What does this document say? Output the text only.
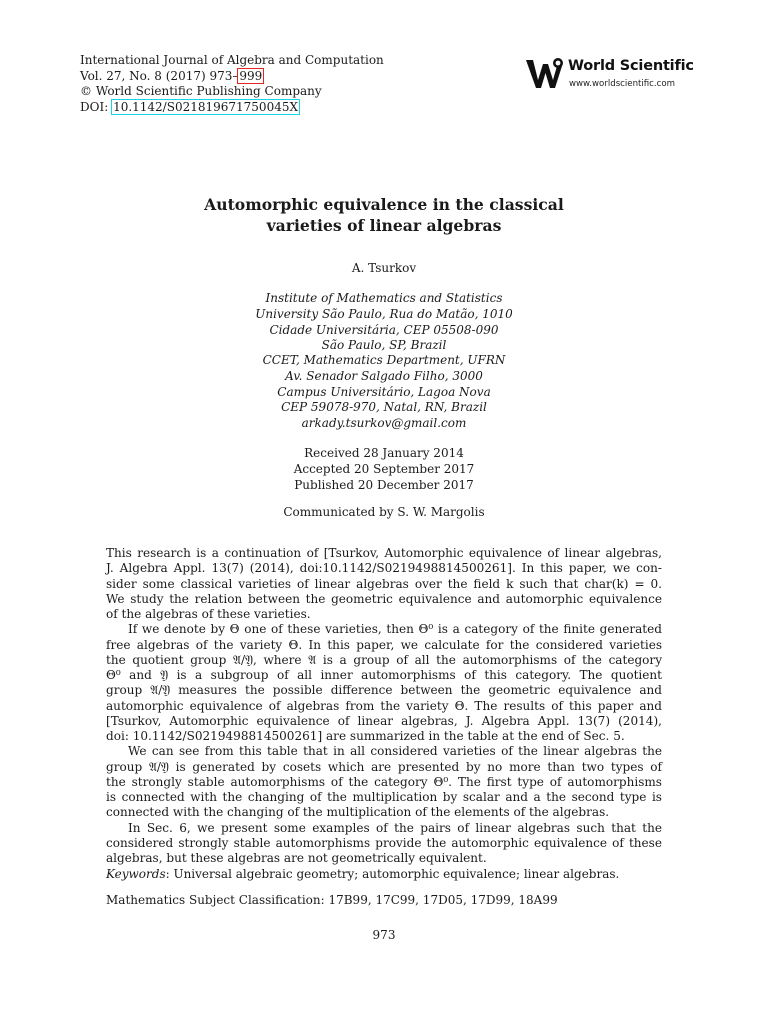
International Journal of Algebra and Computation
Vol. 27, No. 8 (2017) 973–999
© World Scientific Publishing Company
DOI: 10.1142/S021819671750045X
World Scientific
www.worldscientific.com
Automorphic equivalence in the classical
varieties of linear algebras
A. Tsurkov
Institute of Mathematics and Statistics
University São Paulo, Rua do Matão, 1010
Cidade Universitária, CEP 05508-090
São Paulo, SP, Brazil
CCET, Mathematics Department, UFRN
Av. Senador Salgado Filho, 3000
Campus Universitário, Lagoa Nova
CEP 59078-970, Natal, RN, Brazil
arkady.tsurkov@gmail.com
Received 28 January 2014
Accepted 20 September 2017
Published 20 December 2017
Communicated by S. W. Margolis

This research is a continuation of [Tsurkov, Automorphic equivalence of linear algebras,
J. Algebra Appl. 13(7) (2014), doi:10.1142/S0219498814500261]. In this paper, we con-
sider some classical varieties of linear algebras over the field k such that char(k) = 0.
We study the relation between the geometric equivalence and automorphic equivalence
of the algebras of these varieties.

If we denote by Θ one of these varieties, then Θ⁰ is a category of the finite generated
free algebras of the variety Θ. In this paper, we calculate for the considered varieties
the quotient group 𝔄/𝔜, where 𝔄 is a group of all the automorphisms of the category
Θ⁰ and 𝔜 is a subgroup of all inner automorphisms of this category. The quotient
group 𝔄/𝔜 measures the possible difference between the geometric equivalence and
automorphic equivalence of algebras from the variety Θ. The results of this paper and
[Tsurkov, Automorphic equivalence of linear algebras, J. Algebra Appl. 13(7) (2014),
doi: 10.1142/S0219498814500261] are summarized in the table at the end of Sec. 5.

We can see from this table that in all considered varieties of the linear algebras the
group 𝔄/𝔜 is generated by cosets which are presented by no more than two types of
the strongly stable automorphisms of the category Θ⁰. The first type of automorphisms
is connected with the changing of the multiplication by scalar and a the second type is
connected with the changing of the multiplication of the elements of the algebras.

In Sec. 6, we present some examples of the pairs of linear algebras such that the
considered strongly stable automorphisms provide the automorphic equivalence of these
algebras, but these algebras are not geometrically equivalent.

Keywords: Universal algebraic geometry; automorphic equivalence; linear algebras.
Mathematics Subject Classification: 17B99, 17C99, 17D05, 17D99, 18A99
973
